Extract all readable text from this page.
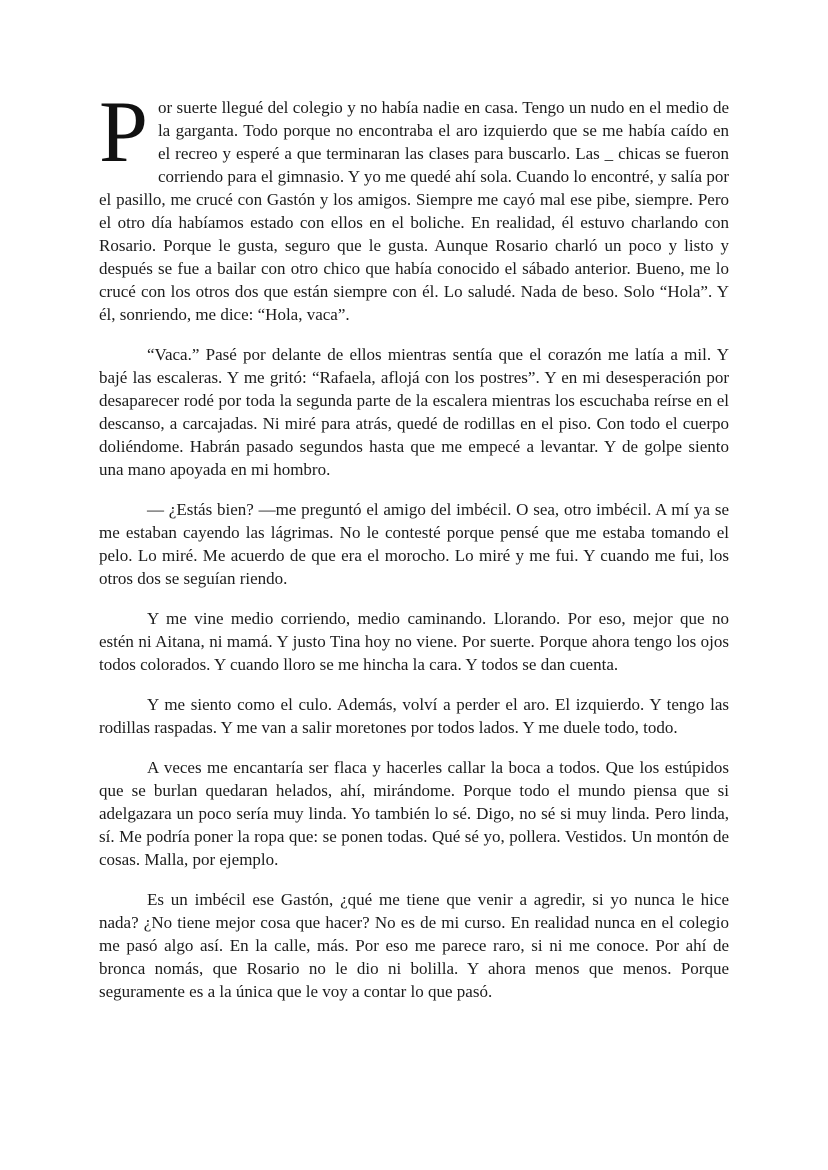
Por suerte llegué del colegio y no había nadie en casa. Tengo un nudo en el medio de la garganta. Todo porque no encontraba el aro izquierdo que se me había caído en el recreo y esperé a que terminaran las clases para buscarlo. Las _ chicas se fueron corriendo para el gimnasio. Y yo me quedé ahí sola. Cuando lo encontré, y salía por el pasillo, me crucé con Gastón y los amigos. Siempre me cayó mal ese pibe, siempre. Pero el otro día habíamos estado con ellos en el boliche. En realidad, él estuvo charlando con Rosario. Porque le gusta, seguro que le gusta. Aunque Rosario charló un poco y listo y después se fue a bailar con otro chico que había conocido el sábado anterior. Bueno, me lo crucé con los otros dos que están siempre con él. Lo saludé. Nada de beso. Solo “Hola”. Y él, sonriendo, me dice: “Hola, vaca”.

“Vaca.” Pasé por delante de ellos mientras sentía que el corazón me latía a mil. Y bajé las escaleras. Y me gritó: “Rafaela, aflojá con los postres”. Y en mi desesperación por desaparecer rodé por toda la segunda parte de la escalera mientras los escuchaba reírse en el descanso, a carcajadas. Ni miré para atrás, quedé de rodillas en el piso. Con todo el cuerpo doliéndome. Habrán pasado segundos hasta que me empecé a levantar. Y de golpe siento una mano apoyada en mi hombro.

— ¿Estás bien? —me preguntó el amigo del imbécil. O sea, otro imbécil. A mí ya se me estaban cayendo las lágrimas. No le contesté porque pensé que me estaba tomando el pelo. Lo miré. Me acuerdo de que era el morocho. Lo miré y me fui. Y cuando me fui, los otros dos se seguían riendo.

Y me vine medio corriendo, medio caminando. Llorando. Por eso, mejor que no estén ni Aitana, ni mamá. Y justo Tina hoy no viene. Por suerte. Porque ahora tengo los ojos todos colorados. Y cuando lloro se me hincha la cara. Y todos se dan cuenta.

Y me siento como el culo. Además, volví a perder el aro. El izquierdo. Y tengo las rodillas raspadas. Y me van a salir moretones por todos lados. Y me duele todo, todo.

A veces me encantaría ser flaca y hacerles callar la boca a todos. Que los estúpidos que se burlan quedaran helados, ahí, mirándome. Porque todo el mundo piensa que si adelgazara un poco sería muy linda. Yo también lo sé. Digo, no sé si muy linda. Pero linda, sí. Me podría poner la ropa que: se ponen todas. Qué sé yo, pollera. Vestidos. Un montón de cosas. Malla, por ejemplo.

Es un imbécil ese Gastón, ¿qué me tiene que venir a agredir, si yo nunca le hice nada? ¿No tiene mejor cosa que hacer? No es de mi curso. En realidad nunca en el colegio me pasó algo así. En la calle, más. Por eso me parece raro, si ni me conoce. Por ahí de bronca nomás, que Rosario no le dio ni bolilla. Y ahora menos que menos. Porque seguramente es a la única que le voy a contar lo que pasó.
